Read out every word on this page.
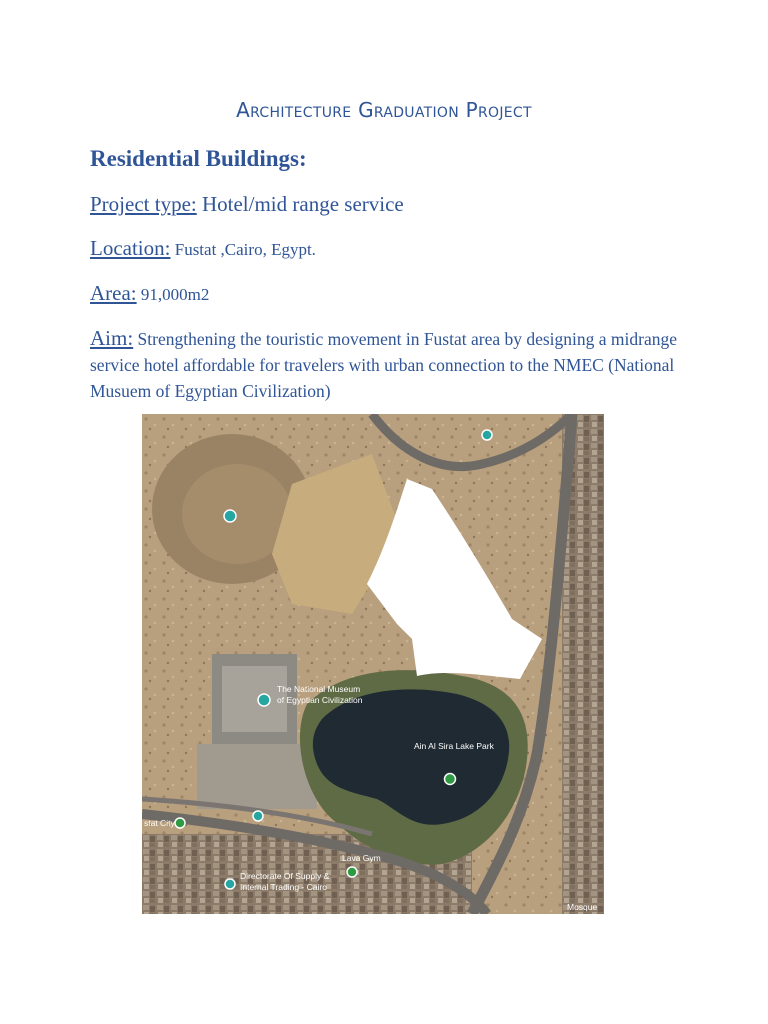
Architecture Graduation Project
Residential Buildings:
Project type: Hotel/mid range service
Location: Fustat ,Cairo, Egypt.
Area: 91,000m2
Aim: Strengthening the touristic movement in Fustat area by designing a midrange service hotel affordable for travelers with urban connection to the NMEC (National Musuem of Egyptian Civilization)
The National Museum
of Egyptian Civilization
Ain Al Sira Lake Park
stat City
Lava Gym
Directorate Of Supply &
Internal Trading - Cairo
Mosque
